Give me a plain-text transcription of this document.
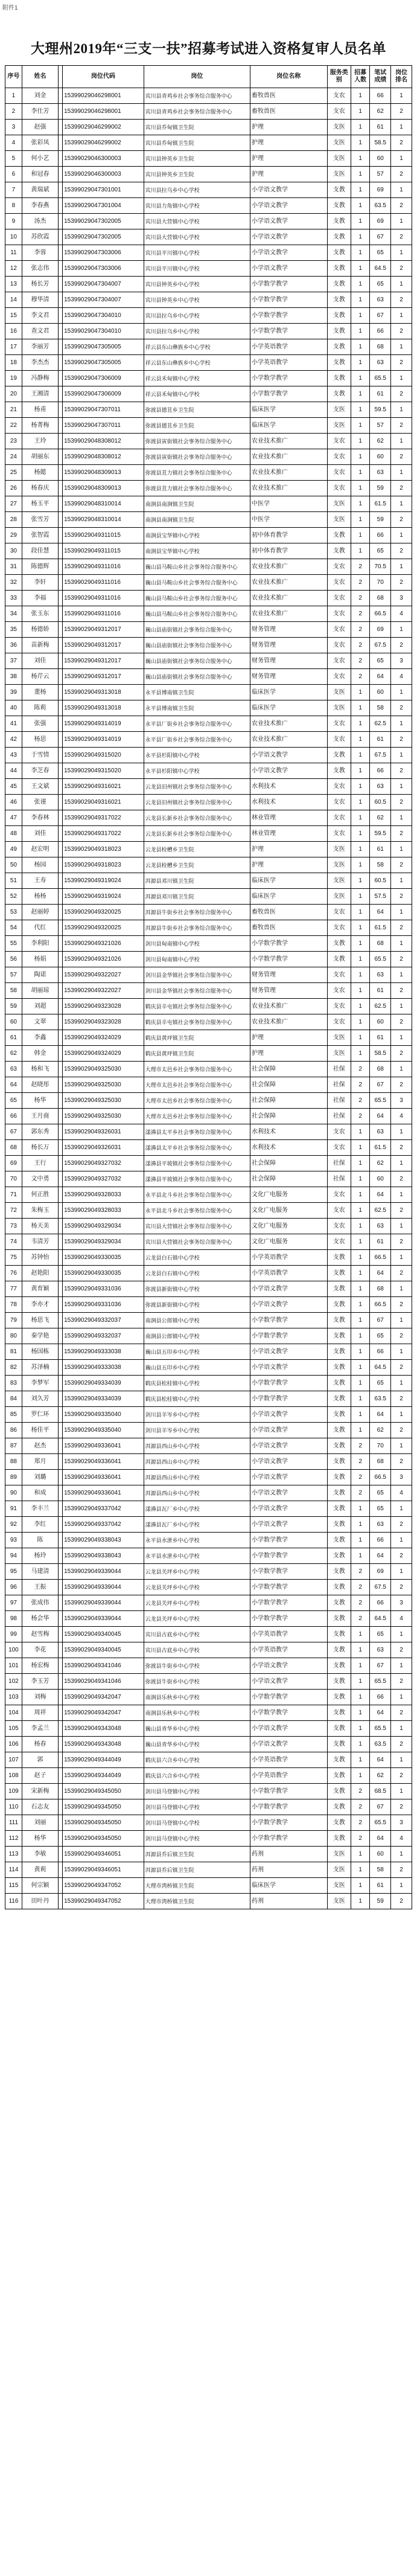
附件1
大理州2019年“三支一扶”招募考试进入资格复审人员名单
序号	姓名		岗位代码	岗位	岗位名称	服务类别	招募人数	笔试成绩	岗位排名
1	刘金		15399029046298001	宾川县青鸡乡社会事务综合服务中心	畜牧兽医	支农	1	66	1
2	李仕芳		15399029046298001	宾川县青鸡乡社会事务综合服务中心	畜牧兽医	支农	1	62	2
3	赵强		15399029046299002	宾川县乔甸镇卫生院	护理	支医	1	61	1
4	张彩凤		15399029046299002	宾川县乔甸镇卫生院	护理	支医	1	58.5	2
5	何小艺		15399029046300003	宾川县钟英乡卫生院	护理	支医	1	60	1
6	和冠春		15399029046300003	宾川县钟英乡卫生院	护理	支医	1	57	2
7	黄瑞斌		15399029047301001	宾川县拉乌乡中心学校	小学语文教学	支教	1	69	1
8	李春燕		15399029047301004	宾川县力角镇中心学校	小学语文教学	支教	1	63.5	2
9	汤杰		15399029047302005	宾川县大营镇中心学校	小学语文教学	支教	1	69	1
10	苏欣霞		15399029047302005	宾川县大营镇中心学校	小学语文教学	支教	1	67	2
11	李蓉		15399029047303006	宾川县平川镇中心学校	小学语文教学	支教	1	65	1
12	张志伟		15399029047303006	宾川县平川镇中心学校	小学语文教学	支教	1	64.5	2
13	杨长芳		15399029047304007	宾川县钟英乡中心学校	小学数学教学	支教	1	65	1
14	穆华清		15399029047304007	宾川县钟英乡中心学校	小学数学教学	支教	1	63	2
15	李文君		15399029047304010	宾川县拉乌乡中心学校	小学数学教学	支教	1	67	1
16	查文君		15399029047304010	宾川县拉乌乡中心学校	小学数学教学	支教	1	66	2
17	李丽芳		15399029047305005	祥云县东山彝族乡中心学校	小学英语教学	支教	1	68	1
18	李杰杰		15399029047305005	祥云县东山彝族乡中心学校	小学英语教学	支教	1	63	2
19	冯静梅		15399029047306009	祥云县禾甸镇中心学校	小学数学教学	支教	1	65.5	1
20	王湘清		15399029047306009	祥云县禾甸镇中心学校	小学数学教学	支教	1	61	2
21	杨甫		15399029047307011	弥渡县德苴乡卫生院	临床医学	支医	1	59.5	1
22	杨菁梅		15399029047307011	弥渡县德苴乡卫生院	临床医学	支医	1	57	2
23	王玲		15399029048308012	弥渡县寅街镇社会事务综合服务中心	农业技术推广	支农	1	62	1
24	胡丽东		15399029048308012	弥渡县寅街镇社会事务综合服务中心	农业技术推广	支农	1	60	2
25	杨懿		15399029048309013	弥渡县苴力镇社会事务综合服务中心	农业技术推广	支农	1	63	1
26	杨春庆		15399029048309013	弥渡县苴力镇社会事务综合服务中心	农业技术推广	支农	1	59	2
27	杨玉平		15399029048310014	南涧县南涧镇卫生院	中医学	支医	1	61.5	1
28	张雪芳		15399029048310014	南涧县南涧镇卫生院	中医学	支医	1	59	2
29	张智霞		15399029049311015	南涧县宝华镇中心学校	初中体育教学	支教	1	66	1
30	段佳慧		15399029049311015	南涧县宝华镇中心学校	初中体育教学	支教	1	65	2
31	陈德辉		15399029049311016	巍山县马鞍山乡社会事务综合服务中心	农业技术推广	支农	2	70.5	1
32	李轩		15399029049311016	巍山县马鞍山乡社会事务综合服务中心	农业技术推广	支农	2	70	2
33	李福		15399029049311016	巍山县马鞍山乡社会事务综合服务中心	农业技术推广	支农	2	68	3
34	张玉东		15399029049311016	巍山县马鞍山乡社会事务综合服务中心	农业技术推广	支农	2	66.5	4
35	杨德娇		15399029049312017	巍山县庙街镇社会事务综合服务中心	财务管理	支农	2	69	1
36	苗新梅		15399029049312017	巍山县庙街镇社会事务综合服务中心	财务管理	支农	2	67.5	2
37	刘佳		15399029049312017	巍山县庙街镇社会事务综合服务中心	财务管理	支农	2	65	3
38	杨芹云		15399029049312017	巍山县庙街镇社会事务综合服务中心	财务管理	支农	2	64	4
39	董杨		15399029049313018	永平县博南镇卫生院	临床医学	支医	1	60	1
40	陈莉		15399029049313018	永平县博南镇卫生院	临床医学	支医	1	58	2
41	张强		15399029049314019	永平县厂街乡社会事务综合服务中心	农业技术推广	支农	1	62.5	1
42	杨思		15399029049314019	永平县厂街乡社会事务综合服务中心	农业技术推广	支农	1	61	2
43	于雪情		15399029049315020	永平县杉阳镇中心学校	小学语文教学	支教	1	67.5	1
44	李芝春		15399029049315020	永平县杉阳镇中心学校	小学语文教学	支教	1	66	2
45	王文斌		15399029049316021	云龙县旧州镇社会事务综合服务中心	水利技术	支农	1	63	1
46	张谨		15399029049316021	云龙县旧州镇社会事务综合服务中心	水利技术	支农	1	60.5	2
47	李春林		15399029049317022	云龙县长新乡社会事务综合服务中心	林业管理	支农	1	62	1
48	刘佳		15399029049317022	云龙县长新乡社会事务综合服务中心	林业管理	支农	1	59.5	2
49	赵宏明		15399029049318023	云龙县检槽乡卫生院	护理	支医	1	61	1
50	杨园		15399029049318023	云龙县检槽乡卫生院	护理	支医	1	58	2
51	王寿		15399029049319024	洱源县邓川镇卫生院	临床医学	支医	1	60.5	1
52	杨杨		15399029049319024	洱源县邓川镇卫生院	临床医学	支医	1	57.5	2
53	赵丽婷		15399029049320025	洱源县牛街乡社会事务综合服务中心	畜牧兽医	支农	1	64	1
54	代红		15399029049320025	洱源县牛街乡社会事务综合服务中心	畜牧兽医	支农	1	61.5	2
55	李利阳		15399029049321026	剑川县甸南镇中心学校	小学数学教学	支教	1	68	1
56	杨娟		15399029049321026	剑川县甸南镇中心学校	小学数学教学	支教	1	65.5	2
57	陶诺		15399029049322027	剑川县金华镇社会事务综合服务中心	财务管理	支农	1	63	1
58	胡丽琼		15399029049322027	剑川县金华镇社会事务综合服务中心	财务管理	支农	1	61	2
59	刘超		15399029049323028	鹤庆县辛屯镇社会事务综合服务中心	农业技术推广	支农	1	62.5	1
60	文翠		15399029049323028	鹤庆县辛屯镇社会事务综合服务中心	农业技术推广	支农	1	60	2
61	李鑫		15399029049324029	鹤庆县黄坪镇卫生院	护理	支医	1	61	1
62	韩金		15399029049324029	鹤庆县黄坪镇卫生院	护理	支医	1	58.5	2
63	杨和飞		15399029049325030	大理市太邑乡社会事务综合服务中心	社会保障	社保	2	68	1
64	赵晓彤		15399029049325030	大理市太邑乡社会事务综合服务中心	社会保障	社保	2	67	2
65	杨华		15399029049325030	大理市太邑乡社会事务综合服务中心	社会保障	社保	2	65.5	3
66	王月商		15399029049325030	大理市太邑乡社会事务综合服务中心	社会保障	社保	2	64	4
67	郭东秀		15399029049326031	漾濞县太平乡社会事务综合服务中心	水利技术	支农	1	63	1
68	杨长万		15399029049326031	漾濞县太平乡社会事务综合服务中心	水利技术	支农	1	61.5	2
69	王行		15399029049327032	漾濞县平坡镇社会事务综合服务中心	社会保障	社保	1	62	1
70	文中勇		15399029049327032	漾濞县平坡镇社会事务综合服务中心	社会保障	社保	1	60	2
71	何正胜		15399029049328033	永平县北斗乡社会事务综合服务中心	文化广电服务	支农	1	64	1
72	朱梅玉		15399029049328033	永平县北斗乡社会事务综合服务中心	文化广电服务	支农	1	62.5	2
73	杨天美		15399029049329034	宾川县大营镇社会事务综合服务中心	文化广电服务	支农	1	63	1
74	韦清芳		15399029049329034	宾川县大营镇社会事务综合服务中心	文化广电服务	支农	1	61	2
75	苏钟怡		15399029049330035	云龙县白石镇中心学校	小学英语教学	支教	1	66.5	1
76	赵艳阳		15399029049330035	云龙县白石镇中心学校	小学英语教学	支教	1	64	2
77	黄育颖		15399029049331036	弥渡县新街镇中心学校	小学语文教学	支教	1	68	1
78	李亦才		15399029049331036	弥渡县新街镇中心学校	小学语文教学	支教	1	66.5	2
79	杨思飞		15399029049332037	南涧县公郎镇中心学校	小学数学教学	支教	1	67	1
80	秦学艳		15399029049332037	南涧县公郎镇中心学校	小学数学教学	支教	1	65	2
81	杨国栋		15399029049333038	巍山县五印乡中心学校	小学语文教学	支教	1	66	1
82	苏泽楠		15399029049333038	巍山县五印乡中心学校	小学语文教学	支教	1	64.5	2
83	李梦军		15399029049334039	鹤庆县松桂镇中心学校	小学数学教学	支教	1	65	1
84	刘久芳		15399029049334039	鹤庆县松桂镇中心学校	小学数学教学	支教	1	63.5	2
85	罗仁环		15399029049335040	剑川县羊岑乡中心学校	小学语文教学	支教	1	64	1
86	杨佳平		15399029049335040	剑川县羊岑乡中心学校	小学语文教学	支教	1	62	2
87	赵杰		15399029049336041	洱源县西山乡中心学校	小学语文教学	支教	2	70	1
88	郑月		15399029049336041	洱源县西山乡中心学校	小学语文教学	支教	2	68	2
89	刘璐		15399029049336041	洱源县西山乡中心学校	小学语文教学	支教	2	66.5	3
90	和成		15399029049336041	洱源县西山乡中心学校	小学语文教学	支教	2	65	4
91	李丰兰		15399029049337042	漾濞县瓦厂乡中心学校	小学语文教学	支教	1	65	1
92	李红		15399029049337042	漾濞县瓦厂乡中心学校	小学语文教学	支教	1	63	2
93	陈		15399029049338043	永平县水泄乡中心学校	小学数学教学	支教	1	66	1
94	杨玲		15399029049338043	永平县水泄乡中心学校	小学数学教学	支教	1	64	2
95	马建清		15399029049339044	云龙县关坪乡中心学校	小学数学教学	支教	2	69	1
96	王振		15399029049339044	云龙县关坪乡中心学校	小学数学教学	支教	2	67.5	2
97	张成伟		15399029049339044	云龙县关坪乡中心学校	小学数学教学	支教	2	66	3
98	杨会华		15399029049339044	云龙县关坪乡中心学校	小学数学教学	支教	2	64.5	4
99	赵雪梅		15399029049340045	宾川县古底乡中心学校	小学英语教学	支教	1	65	1
100	李花		15399029049340045	宾川县古底乡中心学校	小学英语教学	支教	1	63	2
101	杨宏梅		15399029049341046	弥渡县牛街乡中心学校	小学语文教学	支教	1	67	1
102	李玉芳		15399029049341046	弥渡县牛街乡中心学校	小学语文教学	支教	1	65.5	2
103	刘梅		15399029049342047	南涧县乐秋乡中心学校	小学数学教学	支教	1	66	1
104	周祥		15399029049342047	南涧县乐秋乡中心学校	小学数学教学	支教	1	64	2
105	李孟兰		15399029049343048	巍山县青华乡中心学校	小学语文教学	支教	1	65.5	1
106	杨春		15399029049343048	巍山县青华乡中心学校	小学语文教学	支教	1	63.5	2
107	郭		15399029049344049	鹤庆县六合乡中心学校	小学英语教学	支教	1	64	1
108	赵子		15399029049344049	鹤庆县六合乡中心学校	小学英语教学	支教	1	62	2
109	宋新梅		15399029049345050	剑川县马登镇中心学校	小学数学教学	支教	2	68.5	1
110	石志友		15399029049345050	剑川县马登镇中心学校	小学数学教学	支教	2	67	2
111	刘丽		15399029049345050	剑川县马登镇中心学校	小学数学教学	支教	2	65.5	3
112	杨华		15399029049345050	剑川县马登镇中心学校	小学数学教学	支教	2	64	4
113	李敏		15399029049346051	洱源县乔后镇卫生院	药剂	支医	1	60	1
114	黄莉		15399029049346051	洱源县乔后镇卫生院	药剂	支医	1	58	2
115	何宗颖		15399029049347052	大理市湾桥镇卫生院	临床医学	支医	1	61	1
116	田叶丹		15399029049347052	大理市湾桥镇卫生院	药剂	支医	1	59	2
